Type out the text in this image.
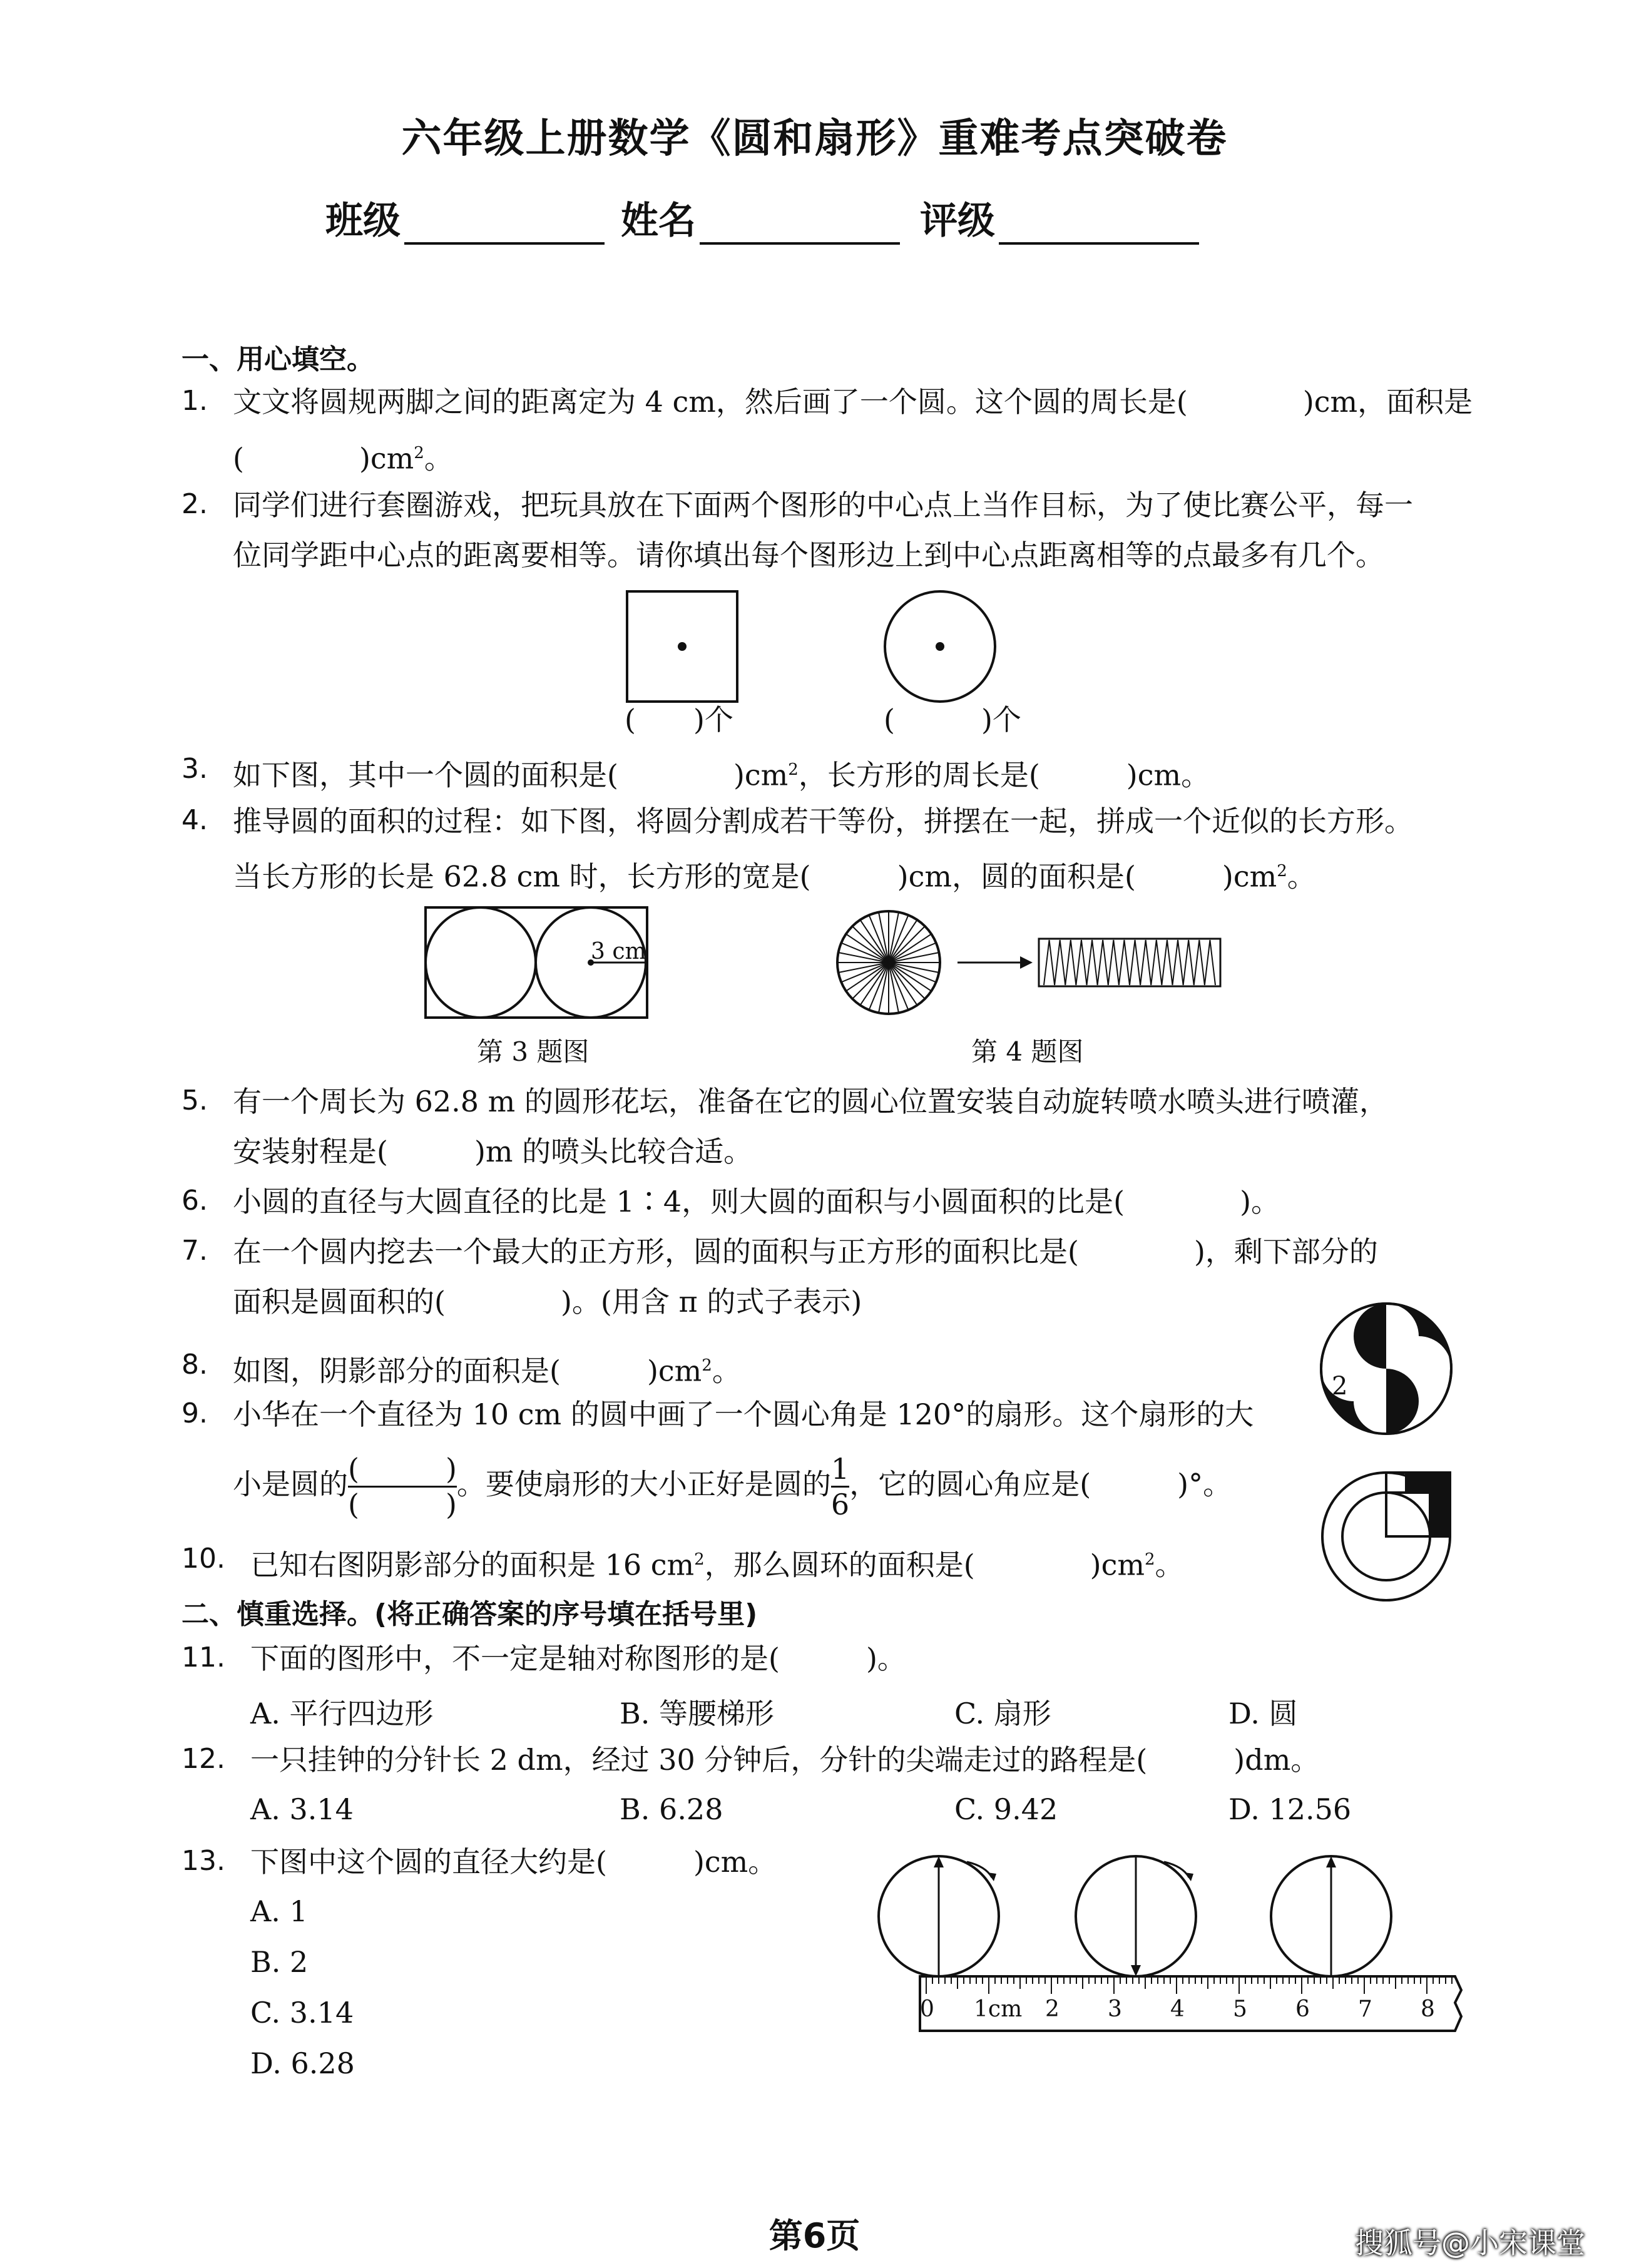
六年级上册数学《圆和扇形》重难考点突破卷
班级	姓名	评级
一、用心填空。
1. 文文将圆规两脚之间的距离定为 4 cm，然后画了一个圆。这个圆的周长是(　　　　)cm，面积是
(　　　　)$cm^2$。
2. 同学们进行套圈游戏，把玩具放在下面两个图形的中心点上当作目标，为了使比赛公平，每一
位同学距中心点的距离要相等。请你填出每个图形边上到中心点距离相等的点最多有几个。
(　　)个	(　　　)个
3. 如下图，其中一个圆的面积是(　　　　)$cm^2$，长方形的周长是(　　　)cm。
4. 推导圆的面积的过程：如下图，将圆分割成若干等份，拼摆在一起，拼成一个近似的长方形。
当长方形的长是 62.8 cm 时，长方形的宽是(　　　)cm，圆的面积是(　　　)$cm^2$。
3 cm
第 3 题图	第 4 题图
5. 有一个周长为 62.8 m 的圆形花坛，准备在它的圆心位置安装自动旋转喷水喷头进行喷灌，
安装射程是(　　　)m 的喷头比较合适。
6. 小圆的直径与大圆直径的比是 1∶4，则大圆的面积与小圆面积的比是(　　　　)。
7. 在一个圆内挖去一个最大的正方形，圆的面积与正方形的面积比是(　　　　)，剩下部分的
面积是圆面积的(　　　　)。(用含 π 的式子表示)
8. 如图，阴影部分的面积是(　　　)$cm^2$。	2
9. 小华在一个直径为 10 cm 的圆中画了一个圆心角是 120°的扇形。这个扇形的大
小是圆的 $\frac{( )}{( )}$ 。要使扇形的大小正好是圆的 $\frac{1}{6}$ ，它的圆心角应是(　　　)°。
10. 已知右图阴影部分的面积是 16 $cm^2$，那么圆环的面积是(　　　　)$cm^2$。
二、慎重选择。(将正确答案的序号填在括号里)
11. 下面的图形中，不一定是轴对称图形的是(　　　)。
A. 平行四边形	B. 等腰梯形	C. 扇形	D. 圆
12. 一只挂钟的分针长 2 dm，经过 30 分钟后，分针的尖端走过的路程是(　　　)dm。
A. 3.14	B. 6.28	C. 9.42	D. 12.56
13. 下图中这个圆的直径大约是(　　　)cm。
A. 1
B. 2
C. 3.14
D. 6.28
0 1cm 2 3 4 5 6 7 8
第6页	搜狐号@小宋课堂
